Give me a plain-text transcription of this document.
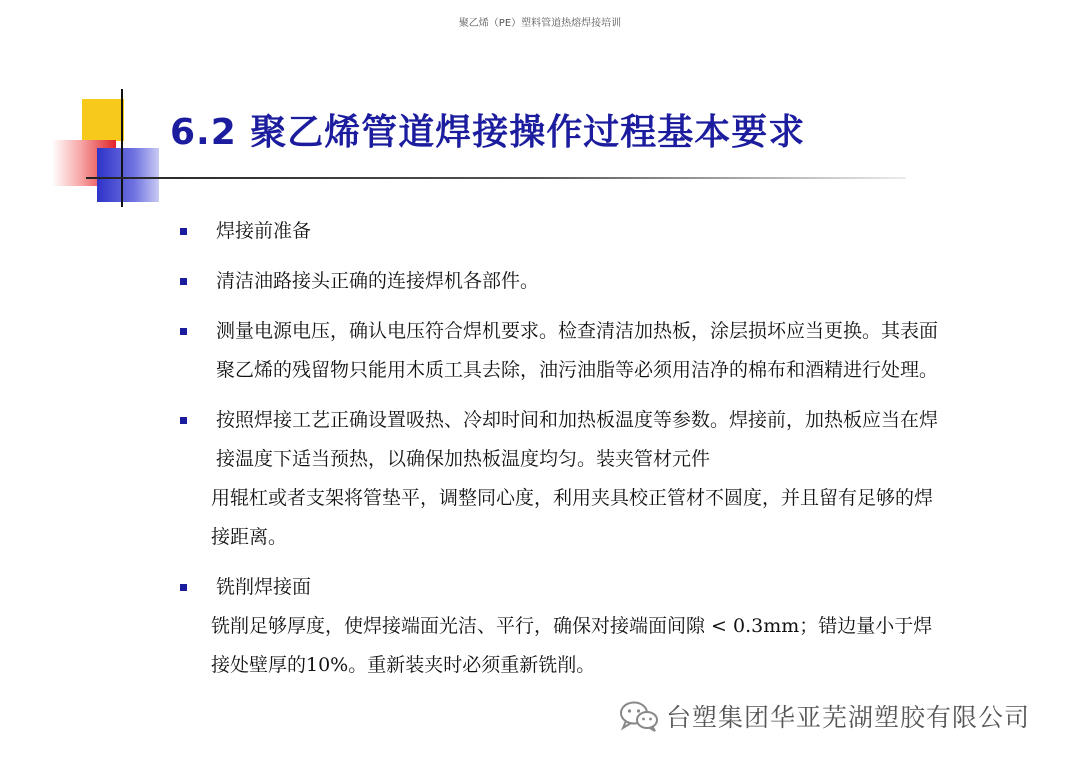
聚乙烯（PE）塑料管道热熔焊接培训
6.2 聚乙烯管道焊接操作过程基本要求
焊接前准备
清洁油路接头正确的连接焊机各部件。
测量电源电压，确认电压符合焊机要求。检查清洁加热板，涂层损坏应当更换。其表面
聚乙烯的残留物只能用木质工具去除，油污油脂等必须用洁净的棉布和酒精进行处理。
按照焊接工艺正确设置吸热、冷却时间和加热板温度等参数。焊接前，加热板应当在焊
接温度下适当预热，以确保加热板温度均匀。装夹管材元件
用辊杠或者支架将管垫平，调整同心度，利用夹具校正管材不圆度，并且留有足够的焊
接距离。
铣削焊接面
铣削足够厚度，使焊接端面光洁、平行，确保对接端面间隙 < 0.3mm；错边量小于焊
接处壁厚的10%。重新装夹时必须重新铣削。
台塑集团华亚芜湖塑胶有限公司
